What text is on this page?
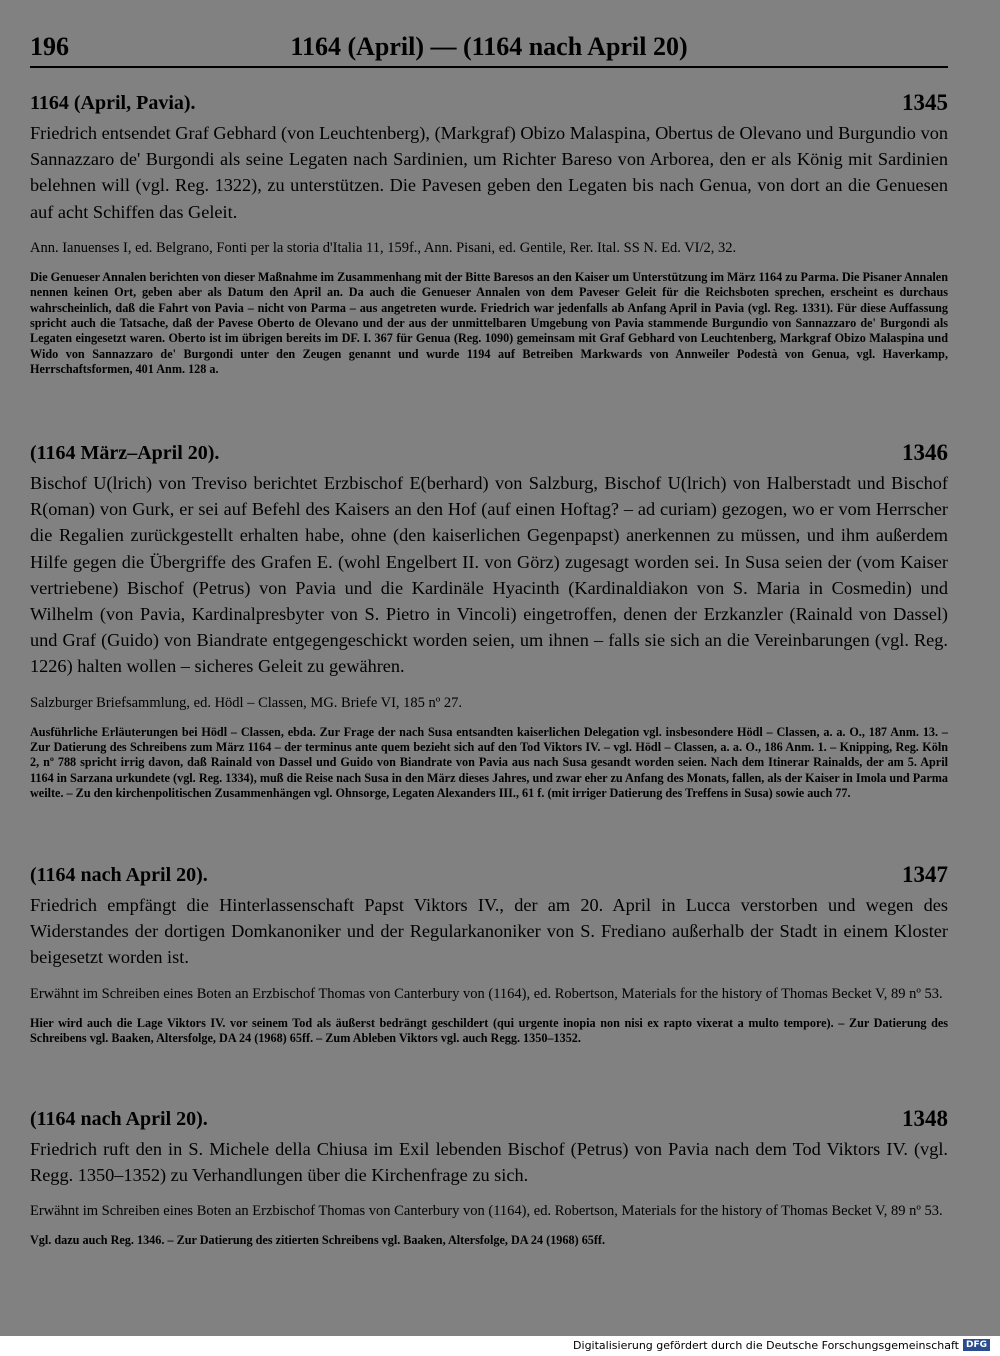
196	1164 (April) — (1164 nach April 20)
1164 (April, Pavia).	1345

Friedrich entsendet Graf Gebhard (von Leuchtenberg), (Markgraf) Obizo Malaspina, Obertus de Olevano und Burgundio von Sannazzaro de' Burgondi als seine Legaten nach Sardinien, um Richter Bareso von Arborea, den er als König mit Sardinien belehnen will (vgl. Reg. 1322), zu unterstützen. Die Pavesen geben den Legaten bis nach Genua, von dort an die Genuesen auf acht Schiffen das Geleit.

Ann. Ianuenses I, ed. Belgrano, Fonti per la storia d'Italia 11, 159f., Ann. Pisani, ed. Gentile, Rer. Ital. SS N. Ed. VI/2, 32.

Die Genueser Annalen berichten von dieser Maßnahme im Zusammenhang mit der Bitte Baresos an den Kaiser um Unterstützung im März 1164 zu Parma. Die Pisaner Annalen nennen keinen Ort, geben aber als Datum den April an. Da auch die Genueser Annalen von dem Paveser Geleit für die Reichsboten sprechen, erscheint es durchaus wahrscheinlich, daß die Fahrt von Pavia – nicht von Parma – aus angetreten wurde. Friedrich war jedenfalls ab Anfang April in Pavia (vgl. Reg. 1331). Für diese Auffassung spricht auch die Tatsache, daß der Pavese Oberto de Olevano und der aus der unmittelbaren Umgebung von Pavia stammende Burgundio von Sannazzaro de' Burgondi als Legaten eingesetzt waren. Oberto ist im übrigen bereits im DF. I. 367 für Genua (Reg. 1090) gemeinsam mit Graf Gebhard von Leuchtenberg, Markgraf Obizo Malaspina und Wido von Sannazzaro de' Burgondi unter den Zeugen genannt und wurde 1194 auf Betreiben Markwards von Annweiler Podestà von Genua, vgl. Haverkamp, Herrschaftsformen, 401 Anm. 128 a.

(1164 März–April 20).	1346

Bischof U(lrich) von Treviso berichtet Erzbischof E(berhard) von Salzburg, Bischof U(lrich) von Halberstadt und Bischof R(oman) von Gurk, er sei auf Befehl des Kaisers an den Hof (auf einen Hoftag? – ad curiam) gezogen, wo er vom Herrscher die Regalien zurückgestellt erhalten habe, ohne (den kaiserlichen Gegenpapst) anerkennen zu müssen, und ihm außerdem Hilfe gegen die Übergriffe des Grafen E. (wohl Engelbert II. von Görz) zugesagt worden sei. In Susa seien der (vom Kaiser vertriebene) Bischof (Petrus) von Pavia und die Kardinäle Hyacinth (Kardinaldiakon von S. Maria in Cosmedin) und Wilhelm (von Pavia, Kardinalpresbyter von S. Pietro in Vincoli) eingetroffen, denen der Erzkanzler (Rainald von Dassel) und Graf (Guido) von Biandrate entgegengeschickt worden seien, um ihnen – falls sie sich an die Vereinbarungen (vgl. Reg. 1226) halten wollen – sicheres Geleit zu gewähren.

Salzburger Briefsammlung, ed. Hödl – Classen, MG. Briefe VI, 185 nº 27.

Ausführliche Erläuterungen bei Hödl – Classen, ebda. Zur Frage der nach Susa entsandten kaiserlichen Delegation vgl. insbesondere Hödl – Classen, a. a. O., 187 Anm. 13. – Zur Datierung des Schreibens zum März 1164 – der terminus ante quem bezieht sich auf den Tod Viktors IV. – vgl. Hödl – Classen, a. a. O., 186 Anm. 1. – Knipping, Reg. Köln 2, nº 788 spricht irrig davon, daß Rainald von Dassel und Guido von Biandrate von Pavia aus nach Susa gesandt worden seien. Nach dem Itinerar Rainalds, der am 5. April 1164 in Sarzana urkundete (vgl. Reg. 1334), muß die Reise nach Susa in den März dieses Jahres, und zwar eher zu Anfang des Monats, fallen, als der Kaiser in Imola und Parma weilte. – Zu den kirchenpolitischen Zusammenhängen vgl. Ohnsorge, Legaten Alexanders III., 61 f. (mit irriger Datierung des Treffens in Susa) sowie auch 77.

(1164 nach April 20).	1347

Friedrich empfängt die Hinterlassenschaft Papst Viktors IV., der am 20. April in Lucca verstorben und wegen des Widerstandes der dortigen Domkanoniker und der Regularkanoniker von S. Frediano außerhalb der Stadt in einem Kloster beigesetzt worden ist.

Erwähnt im Schreiben eines Boten an Erzbischof Thomas von Canterbury von (1164), ed. Robertson, Materials for the history of Thomas Becket V, 89 nº 53.

Hier wird auch die Lage Viktors IV. vor seinem Tod als äußerst bedrängt geschildert (qui urgente inopia non nisi ex rapto vixerat a multo tempore). – Zur Datierung des Schreibens vgl. Baaken, Altersfolge, DA 24 (1968) 65ff. – Zum Ableben Viktors vgl. auch Regg. 1350–1352.

(1164 nach April 20).	1348

Friedrich ruft den in S. Michele della Chiusa im Exil lebenden Bischof (Petrus) von Pavia nach dem Tod Viktors IV. (vgl. Regg. 1350–1352) zu Verhandlungen über die Kirchenfrage zu sich.

Erwähnt im Schreiben eines Boten an Erzbischof Thomas von Canterbury von (1164), ed. Robertson, Materials for the history of Thomas Becket V, 89 nº 53.

Vgl. dazu auch Reg. 1346. – Zur Datierung des zitierten Schreibens vgl. Baaken, Altersfolge, DA 24 (1968) 65ff.

Digitalisierung gefördert durch die Deutsche Forschungsgemeinschaft DFG
